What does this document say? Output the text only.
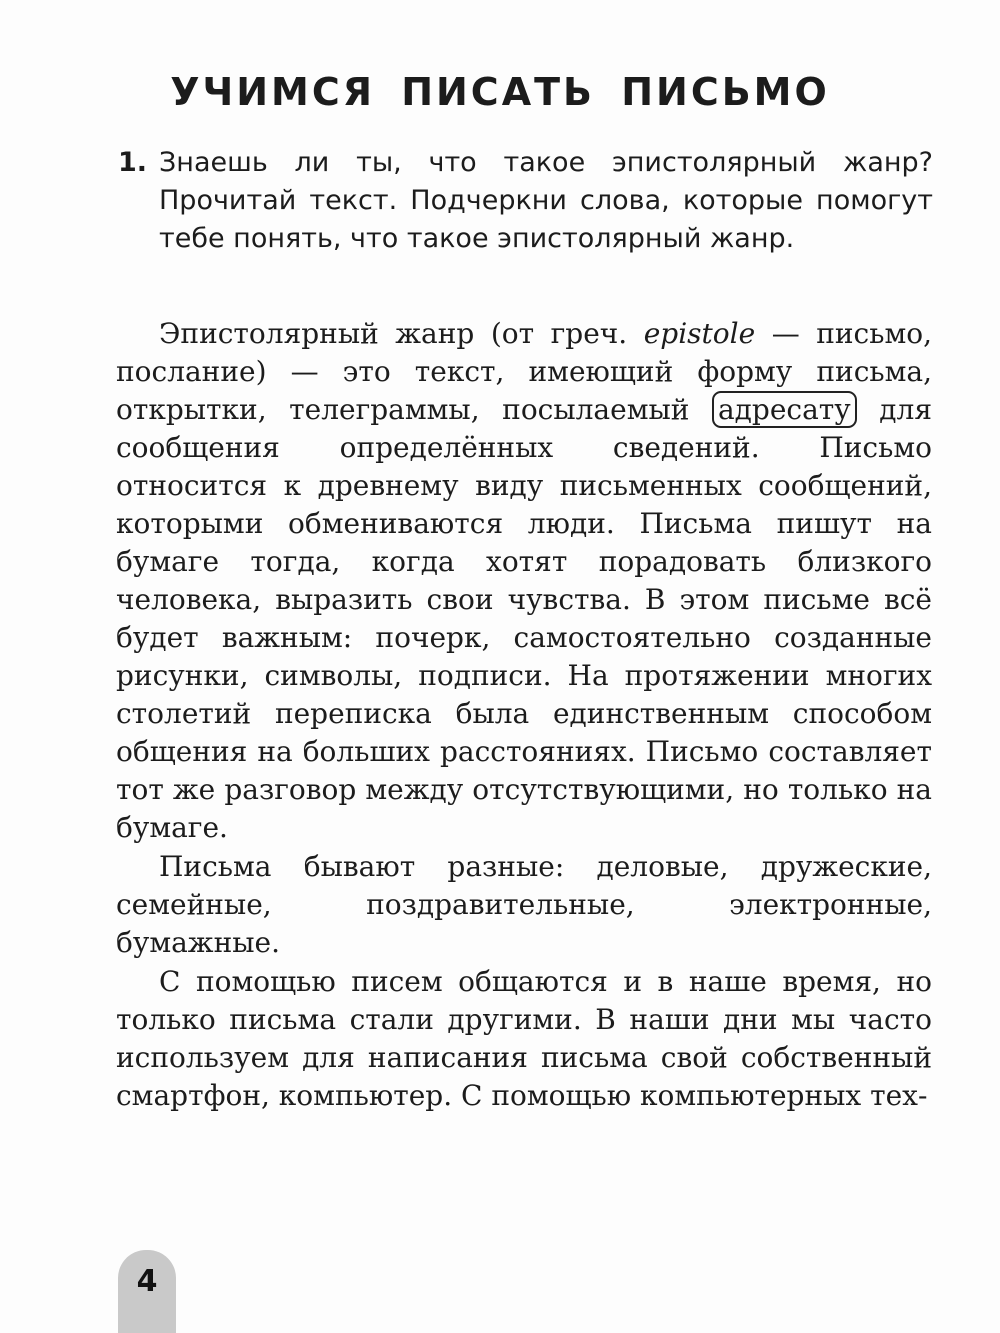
УЧИМСЯ ПИСАТЬ ПИСЬМО
1. Знаешь ли ты, что такое эпистолярный жанр? Прочитай текст. Подчеркни слова, которые помогут тебе понять, что такое эпистолярный жанр.

Эпистолярный жанр (от греч. epistole — письмо, послание) — это текст, имеющий форму письма, открытки, телеграммы, посылаемый адресату для сообщения определённых сведений. Письмо относится к древнему виду письменных сообщений, которыми обмениваются люди. Письма пишут на бумаге тогда, когда хотят порадовать близкого человека, выразить свои чувства. В этом письме всё будет важным: почерк, самостоятельно созданные рисунки, символы, подписи. На протяжении многих столетий переписка была единственным способом общения на больших расстояниях. Письмо составляет тот же разговор между отсутствующими, но только на бумаге.

Письма бывают разные: деловые, дружеские, семейные, поздравительные, электронные, бумажные.

С помощью писем общаются и в наше время, но только письма стали другими. В наши дни мы часто используем для написания письма свой собственный смартфон, компьютер. С помощью компьютерных тех-

4
